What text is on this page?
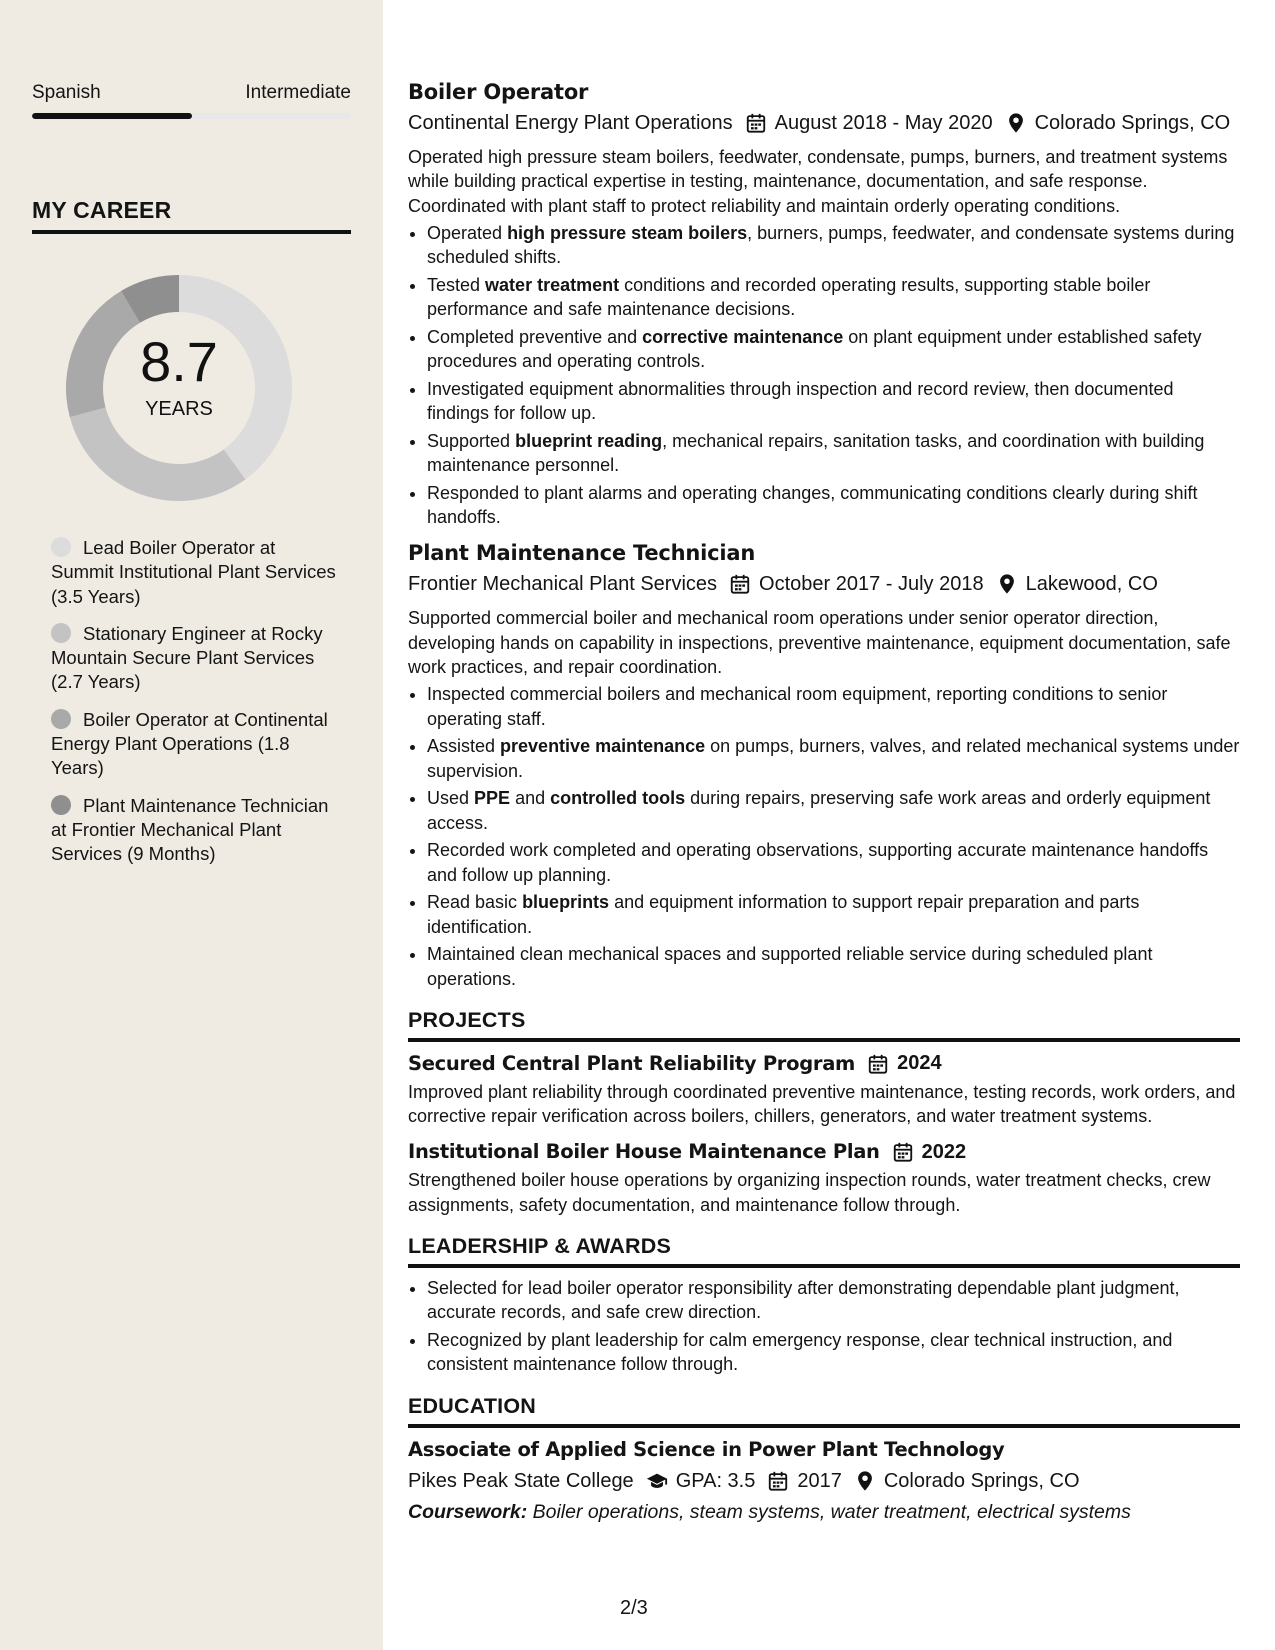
Spanish	Intermediate
MY CAREER
8.7
YEARS
Lead Boiler Operator at Summit Institutional Plant Services (3.5 Years)
Stationary Engineer at Rocky Mountain Secure Plant Services (2.7 Years)
Boiler Operator at Continental Energy Plant Operations (1.8 Years)
Plant Maintenance Technician at Frontier Mechanical Plant Services (9 Months)
Boiler Operator
Continental Energy Plant Operations August 2018 - May 2020 Colorado Springs, CO

Operated high pressure steam boilers, feedwater, condensate, pumps, burners, and treatment systems while building practical expertise in testing, maintenance, documentation, and safe response. Coordinated with plant staff to protect reliability and maintain orderly operating conditions.

• Operated high pressure steam boilers, burners, pumps, feedwater, and condensate systems during scheduled shifts.
• Tested water treatment conditions and recorded operating results, supporting stable boiler performance and safe maintenance decisions.
• Completed preventive and corrective maintenance on plant equipment under established safety procedures and operating controls.
• Investigated equipment abnormalities through inspection and record review, then documented findings for follow up.
• Supported blueprint reading, mechanical repairs, sanitation tasks, and coordination with building maintenance personnel.
• Responded to plant alarms and operating changes, communicating conditions clearly during shift handoffs.
Plant Maintenance Technician
Frontier Mechanical Plant Services October 2017 - July 2018 Lakewood, CO

Supported commercial boiler and mechanical room operations under senior operator direction, developing hands on capability in inspections, preventive maintenance, equipment documentation, safe work practices, and repair coordination.

• Inspected commercial boilers and mechanical room equipment, reporting conditions to senior operating staff.
• Assisted preventive maintenance on pumps, burners, valves, and related mechanical systems under supervision.
• Used PPE and controlled tools during repairs, preserving safe work areas and orderly equipment access.
• Recorded work completed and operating observations, supporting accurate maintenance handoffs and follow up planning.
• Read basic blueprints and equipment information to support repair preparation and parts identification.
• Maintained clean mechanical spaces and supported reliable service during scheduled plant operations.
PROJECTS
Secured Central Plant Reliability Program 2024

Improved plant reliability through coordinated preventive maintenance, testing records, work orders, and corrective repair verification across boilers, chillers, generators, and water treatment systems.

Institutional Boiler House Maintenance Plan 2022

Strengthened boiler house operations by organizing inspection rounds, water treatment checks, crew assignments, safety documentation, and maintenance follow through.

LEADERSHIP & AWARDS
• Selected for lead boiler operator responsibility after demonstrating dependable plant judgment, accurate records, and safe crew direction.
• Recognized by plant leadership for calm emergency response, clear technical instruction, and consistent maintenance follow through.
EDUCATION
Associate of Applied Science in Power Plant Technology
Pikes Peak State College GPA: 3.5 2017 Colorado Springs, CO
Coursework: Boiler operations, steam systems, water treatment, electrical systems
2/3
